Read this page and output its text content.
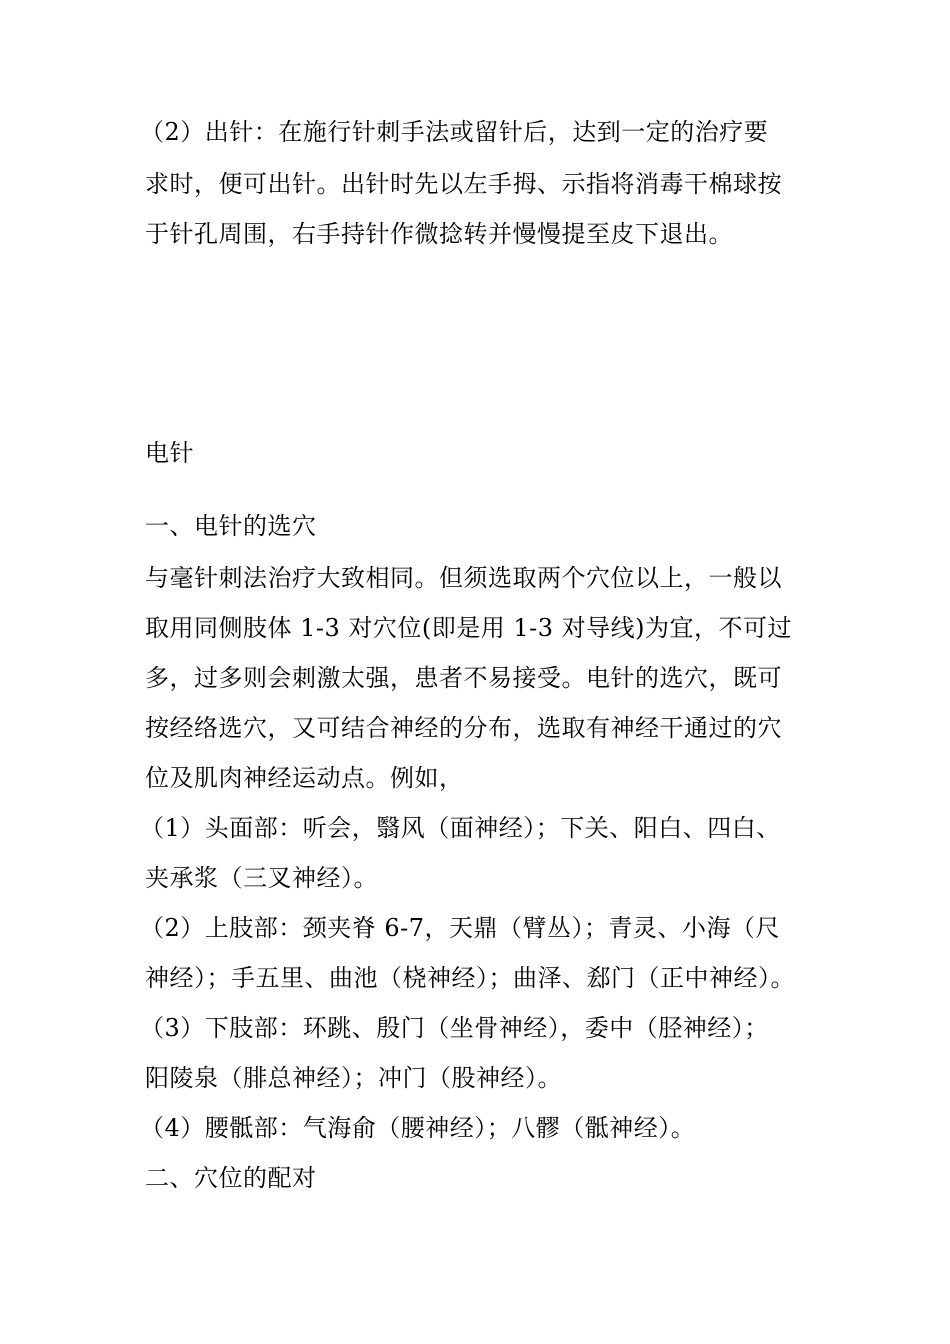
（2）出针：在施行针刺手法或留针后，达到一定的治疗要
求时，便可出针。出针时先以左手拇、示指将消毒干棉球按
于针孔周围，右手持针作微捻转并慢慢提至皮下退出。
电针
一、电针的选穴
与毫针刺法治疗大致相同。但须选取两个穴位以上，一般以
取用同侧肢体 1-3 对穴位(即是用 1-3 对导线)为宜，不可过
多，过多则会刺激太强，患者不易接受。电针的选穴，既可
按经络选穴，又可结合神经的分布，选取有神经干通过的穴
位及肌肉神经运动点。例如，
（1）头面部：听会，翳风（面神经）；下关、阳白、四白、
夹承浆（三叉神经）。
（2）上肢部：颈夹脊 6-7，天鼎（臂丛）；青灵、小海（尺
神经）；手五里、曲池（桡神经）；曲泽、郄门（正中神经）。
（3）下肢部：环跳、殷门（坐骨神经），委中（胫神经）；
阳陵泉（腓总神经）；冲门（股神经）。
（4）腰骶部：气海俞（腰神经）；八髎（骶神经）。
二、穴位的配对
